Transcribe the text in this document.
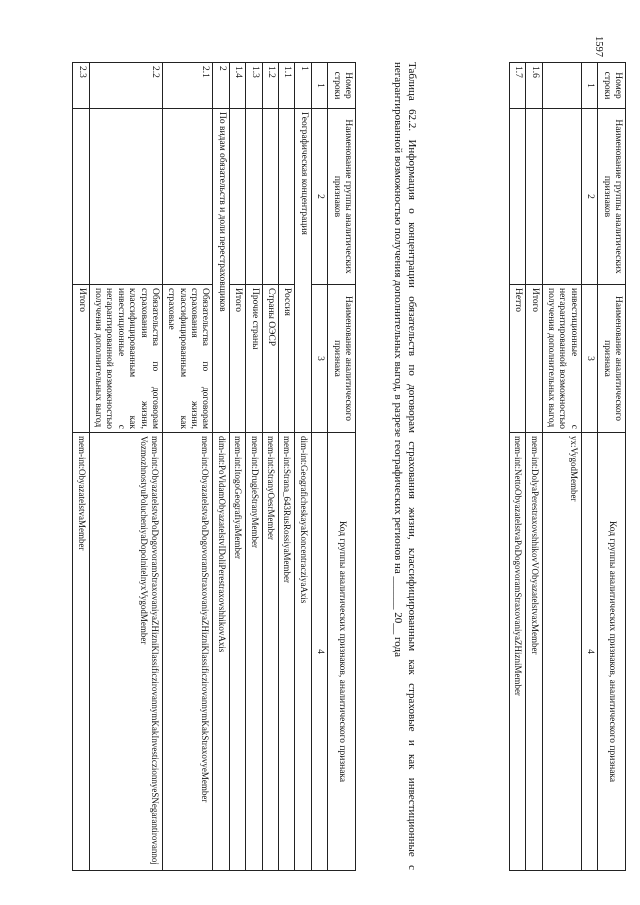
1597
Номер строки	Наименование группы аналитических признаков	Наименование аналитического признака	Код группы аналитических признаков, аналитического признака
1	2	3	4
		инвестиционные с негарантированной возможностью получения дополнительных выгод	yx:VygodMember
1.6		Итого	mem-int:DolyaPerestraxovshhikovVObyazatelstvaxMember
1.7		Нетто	mem-int:NettoObyazatelstvaPoDogovoramStraxovaniyaZHizniMember
Таблица 62.2. Информация о концентрации обязательств по договорам страхования жизни, классифицированным как страховые и как инвестиционные с негарантированной возможностью получения дополнительных выгод, в разрезе географических регионов на ______ 20__ года
Номер строки	Наименование группы аналитических признаков	Наименование аналитического признака	Код группы аналитических признаков, аналитического признака
1	2	3	4
1	Географическая концентрация		dim-int:GeograficheskayaKoncentracziyaAxis
1.1		Россия	mem-int:Strana_643RusRossiyaMember
1.2		Страны ОЭСР	mem-int:StranyOesrMember
1.3		Прочие страны	mem-int:DrugieStranyMember
1.4		Итого	mem-int:ItogoGeografiyaMember
2	По видам обязательств и доли перестраховщиков		dim-int:PoVidamObyazatelstvIDoliPerestraxovshhikovAxis
2.1		Обязательства по договорам страхования жизни, классифицированным как страховые	mem-int:ObyazatelstvaPoDogovoramStraxovaniyaZHizniKlassificzirovannymKakStraxovyeMember
2.2		Обязательства по договорам страхования жизни, классифицированным как инвестиционные с негарантированной возможностью получения дополнительных выгод	mem-int:ObyazatelstvaPoDogovoramStraxovaniyaZHizniKlassificzirovannymKakInvesticzionnyeSNegarantirovannojVozmozhnostyuPolucheniyaDopolnitelnyxVygodMember
2.3		Итого	mem-int:ObyazatelstvaMember
